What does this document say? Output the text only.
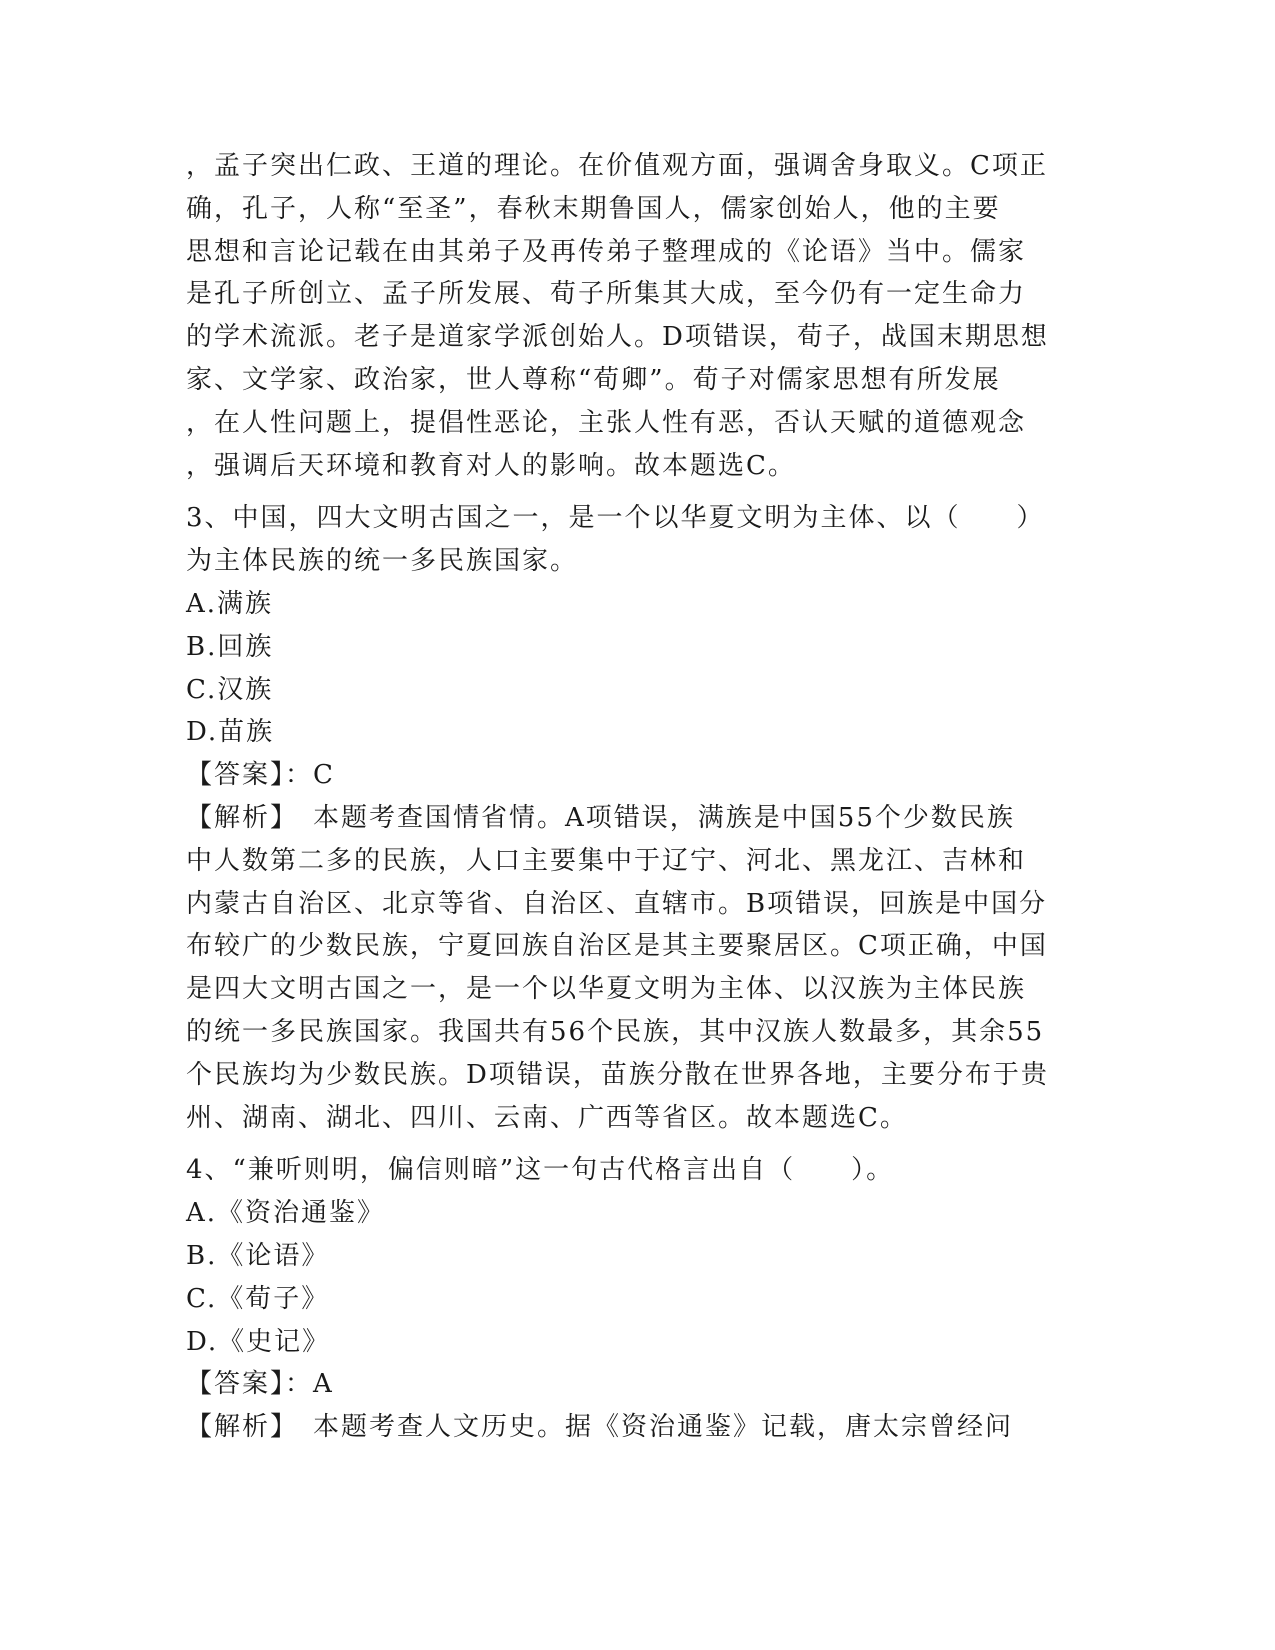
，孟子突出仁政、王道的理论。在价值观方面，强调舍身取义。C项正
确，孔子，人称“至圣”，春秋末期鲁国人，儒家创始人，他的主要
思想和言论记载在由其弟子及再传弟子整理成的《论语》当中。儒家
是孔子所创立、孟子所发展、荀子所集其大成，至今仍有一定生命力
的学术流派。老子是道家学派创始人。D项错误，荀子，战国末期思想
家、文学家、政治家，世人尊称“荀卿”。荀子对儒家思想有所发展
，在人性问题上，提倡性恶论，主张人性有恶，否认天赋的道德观念
，强调后天环境和教育对人的影响。故本题选C。
3、中国，四大文明古国之一，是一个以华夏文明为主体、以（　　）
为主体民族的统一多民族国家。
A.满族
B.回族
C.汉族
D.苗族
【答案】：C
【解析】　本题考查国情省情。A项错误，满族是中国55个少数民族
中人数第二多的民族，人口主要集中于辽宁、河北、黑龙江、吉林和
内蒙古自治区、北京等省、自治区、直辖市。B项错误，回族是中国分
布较广的少数民族，宁夏回族自治区是其主要聚居区。C项正确，中国
是四大文明古国之一，是一个以华夏文明为主体、以汉族为主体民族
的统一多民族国家。我国共有56个民族，其中汉族人数最多，其余55
个民族均为少数民族。D项错误，苗族分散在世界各地，主要分布于贵
州、湖南、湖北、四川、云南、广西等省区。故本题选C。
4、“兼听则明，偏信则暗”这一句古代格言出自（　　）。
A.《资治通鉴》
B.《论语》
C.《荀子》
D.《史记》
【答案】：A
【解析】　本题考查人文历史。据《资治通鉴》记载，唐太宗曾经问
